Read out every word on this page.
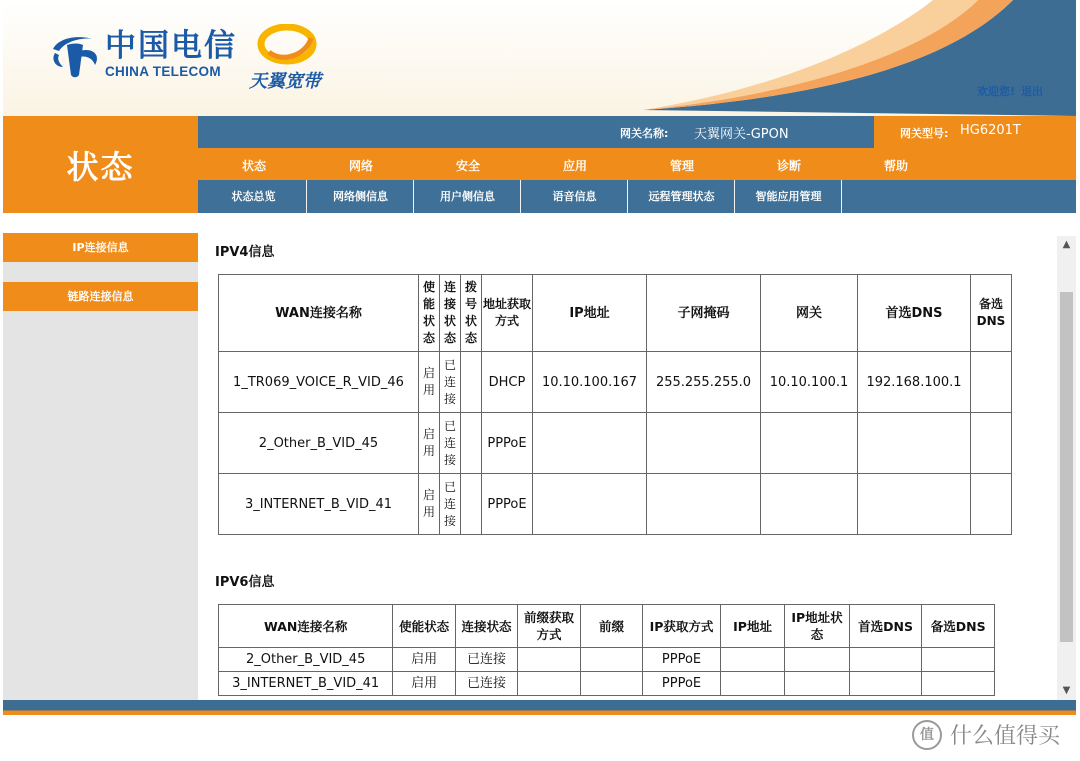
中国电信
CHINA TELECOM	天翼宽带	欢迎您! 退出
状态
网关名称: 天翼网关-GPON	网关型号: HG6201T
状态	网络	安全	应用	管理	诊断	帮助
状态总览	网络侧信息	用户侧信息	语音信息	远程管理状态	智能应用管理
IP连接信息
链路连接信息
IPV4信息
WAN连接名称	使能状态	连接状态	拨号状态	地址获取方式	IP地址	子网掩码	网关	首选DNS	备选DNS
1_TR069_VOICE_R_VID_46	启用	已连接		DHCP	10.10.100.167	255.255.255.0	10.10.100.1	192.168.100.1	
2_Other_B_VID_45	启用	已连接		PPPoE					
3_INTERNET_B_VID_41	启用	已连接		PPPoE					
IPV6信息
WAN连接名称	使能状态	连接状态	前缀获取方式	前缀	IP获取方式	IP地址	IP地址状态	首选DNS	备选DNS
2_Other_B_VID_45	启用	已连接			PPPoE				
3_INTERNET_B_VID_41	启用	已连接			PPPoE				
▲
▼
值 什么值得买
